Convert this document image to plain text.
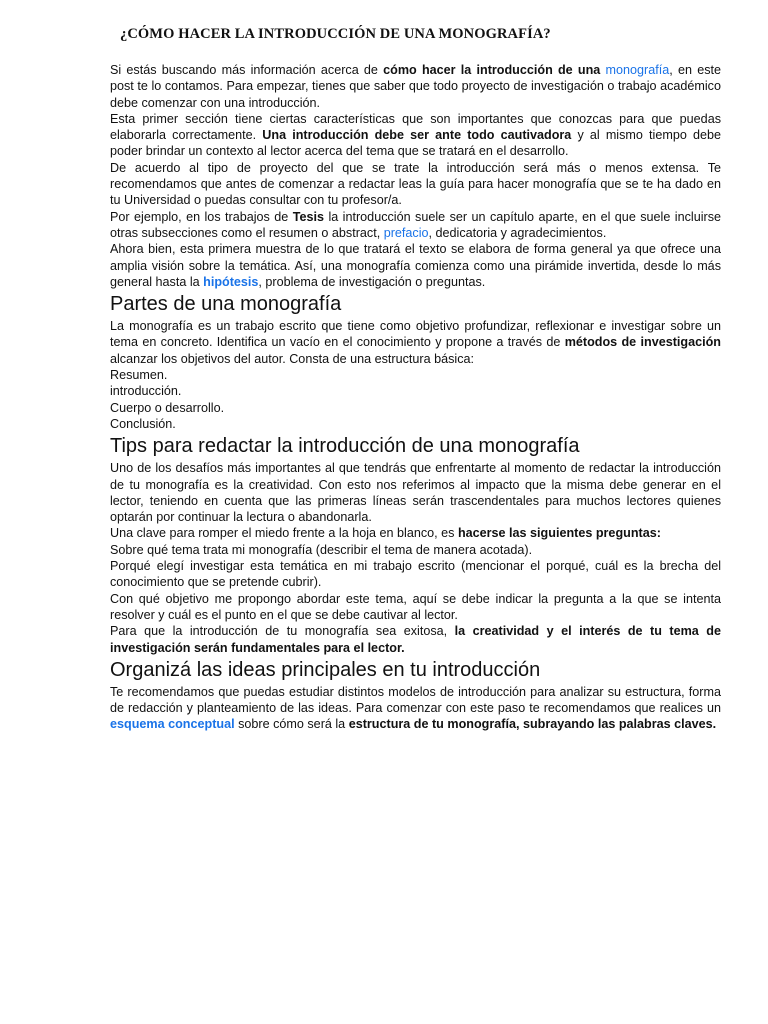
¿CÓMO HACER LA INTRODUCCIÓN DE UNA MONOGRAFÍA?

Si estás buscando más información acerca de cómo hacer la introducción de una monografía, en este post te lo contamos. Para empezar, tienes que saber que todo proyecto de investigación o trabajo académico debe comenzar con una introducción.

Esta primer sección tiene ciertas características que son importantes que conozcas para que puedas elaborarla correctamente. Una introducción debe ser ante todo cautivadora y al mismo tiempo debe poder brindar un contexto al lector acerca del tema que se tratará en el desarrollo.

De acuerdo al tipo de proyecto del que se trate la introducción será más o menos extensa. Te recomendamos que antes de comenzar a redactar leas la guía para hacer monografía que se te ha dado en tu Universidad o puedas consultar con tu profesor/a.

Por ejemplo, en los trabajos de Tesis la introducción suele ser un capítulo aparte, en el que suele incluirse otras subsecciones como el resumen o abstract, prefacio, dedicatoria y agradecimientos.

Ahora bien, esta primera muestra de lo que tratará el texto se elabora de forma general ya que ofrece una amplia visión sobre la temática. Así, una monografía comienza como una pirámide invertida, desde lo más general hasta la hipótesis, problema de investigación o preguntas.

Partes de una monografía

La monografía es un trabajo escrito que tiene como objetivo profundizar, reflexionar e investigar sobre un tema en concreto. Identifica un vacío en el conocimiento y propone a través de métodos de investigación alcanzar los objetivos del autor. Consta de una estructura básica:

Resumen.

introducción.

Cuerpo o desarrollo.

Conclusión.

Tips para redactar la introducción de una monografía

Uno de los desafíos más importantes al que tendrás que enfrentarte al momento de redactar la introducción de tu monografía es la creatividad. Con esto nos referimos al impacto que la misma debe generar en el lector, teniendo en cuenta que las primeras líneas serán trascendentales para muchos lectores quienes optarán por continuar la lectura o abandonarla.

Una clave para romper el miedo frente a la hoja en blanco, es hacerse las siguientes preguntas:

Sobre qué tema trata mi monografía (describir el tema de manera acotada).

Porqué elegí investigar esta temática en mi trabajo escrito (mencionar el porqué, cuál es la brecha del conocimiento que se pretende cubrir).

Con qué objetivo me propongo abordar este tema, aquí se debe indicar la pregunta a la que se intenta resolver y cuál es el punto en el que se debe cautivar al lector.

Para que la introducción de tu monografía sea exitosa, la creatividad y el interés de tu tema de investigación serán fundamentales para el lector.

Organizá las ideas principales en tu introducción

Te recomendamos que puedas estudiar distintos modelos de introducción para analizar su estructura, forma de redacción y planteamiento de las ideas. Para comenzar con este paso te recomendamos que realices un esquema conceptual sobre cómo será la estructura de tu monografía, subrayando las palabras claves.
